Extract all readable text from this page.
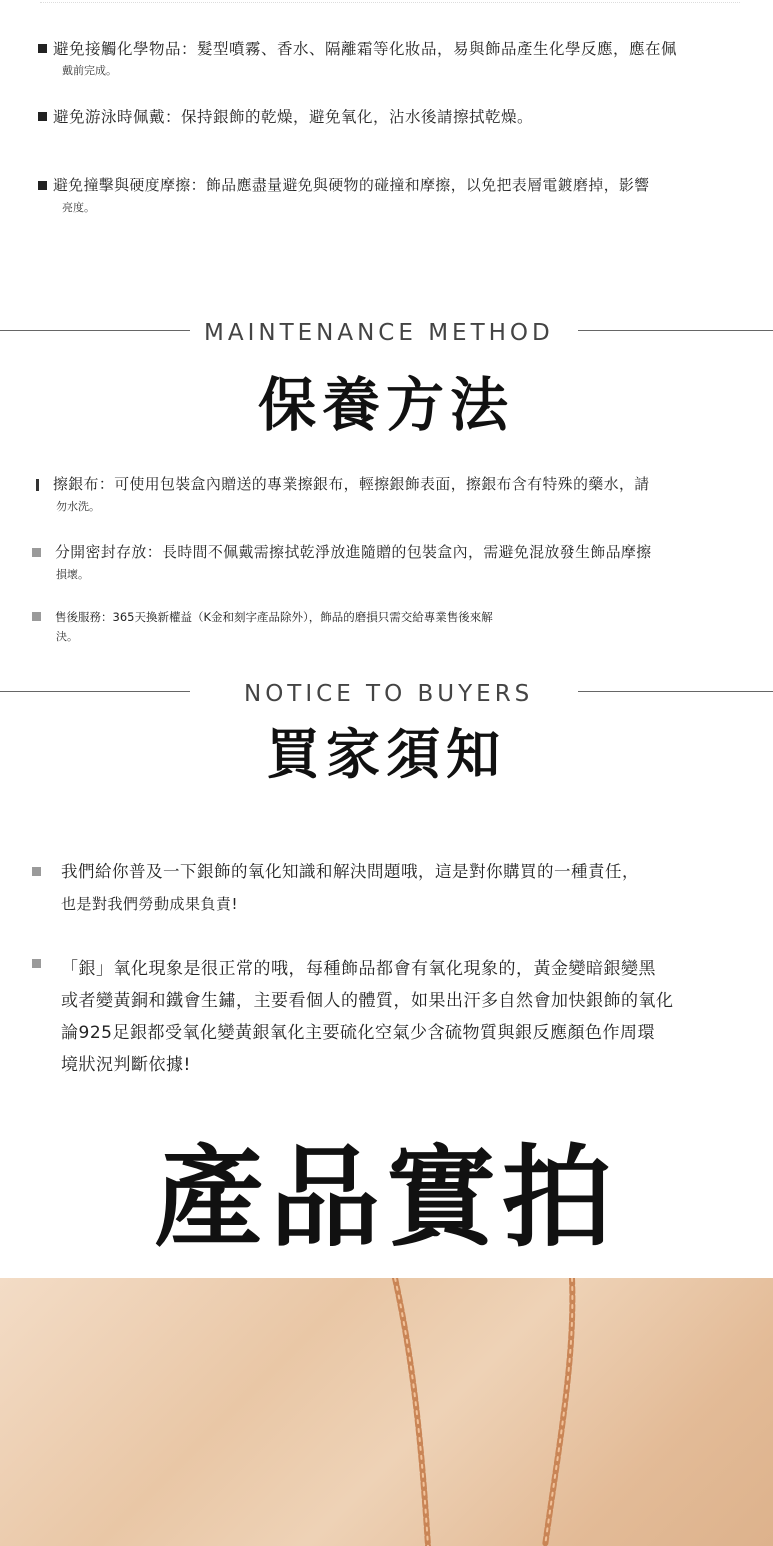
避免接觸化學物品：髮型噴霧、香水、隔離霜等化妝品，易與飾品產生化學反應，應在佩
戴前完成。
避免游泳時佩戴：保持銀飾的乾燥，避免氧化，沾水後請擦拭乾燥。
避免撞擊與硬度摩擦：飾品應盡量避免與硬物的碰撞和摩擦，以免把表層電鍍磨掉，影響
亮度。
MAINTENANCE METHOD
保養方法
擦銀布：可使用包裝盒內贈送的專業擦銀布，輕擦銀飾表面，擦銀布含有特殊的藥水，請
勿水洗。
分開密封存放：長時間不佩戴需擦拭乾淨放進隨贈的包裝盒內，需避免混放發生飾品摩擦
損壞。
售後服務：365天換新權益（K金和刻字產品除外），飾品的磨損只需交給專業售後來解
決。
NOTICE TO BUYERS
買家須知
我們給你普及一下銀飾的氧化知識和解決問題哦，這是對你購買的一種責任，
也是對我們勞動成果負責!
「銀」氧化現象是很正常的哦，每種飾品都會有氧化現象的，黃金變暗銀變黑
或者變黃銅和鐵會生鏽，主要看個人的體質，如果出汗多自然會加快銀飾的氧化
論925足銀都受氧化變黃銀氧化主要硫化空氣少含硫物質與銀反應顏色作周環
境狀況判斷依據!
產品實拍
